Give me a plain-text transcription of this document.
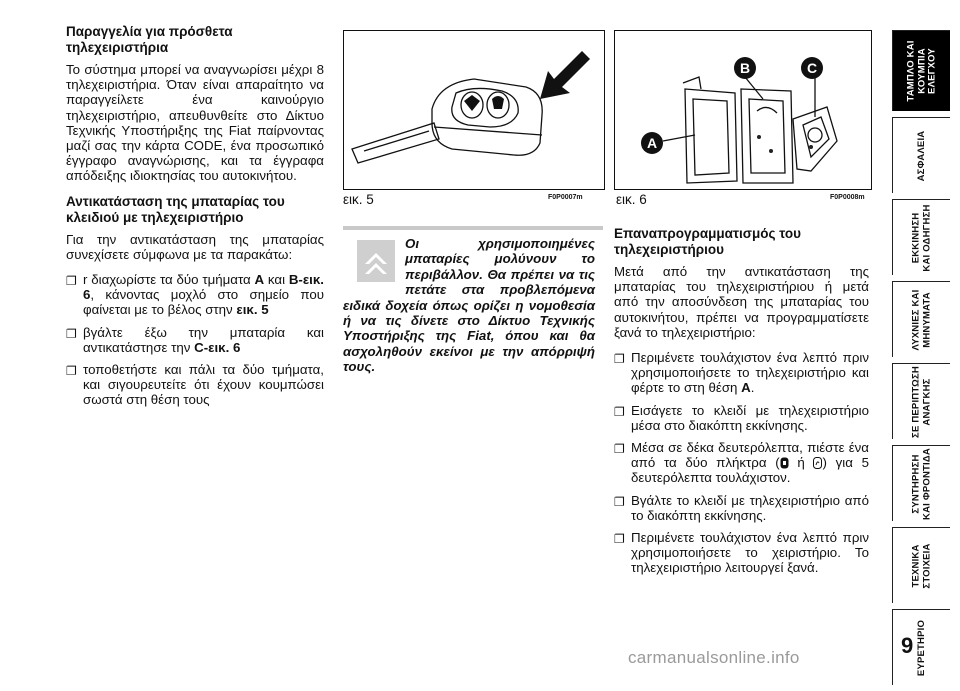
Παραγγελία για πρόσθετα τηλεχειριστήρια
Το σύστημα μπορεί να αναγνωρίσει μέχρι 8 τηλεχειριστήρια. Όταν είναι απαραίτητο να παραγγείλετε ένα καινούργιο τηλεχειριστήριο, απευθυνθείτε στο Δίκτυο Τεχνικής Υποστήριξης της Fiat παίρνοντας μαζί σας την κάρτα CODE, ένα προσωπικό έγγραφο αναγνώρισης, και τα έγγραφα απόδειξης ιδιοκτησίας του αυτοκινήτου.
Αντικατάσταση της μπαταρίας του κλειδιού με τηλεχειριστήριο
Για την αντικατάσταση της μπαταρίας συνεχίσετε σύμφωνα με τα παρακάτω:
❐ r διαχωρίστε τα δύο τμήματα A και B-εικ. 6, κάνοντας μοχλό στο σημείο που φαίνεται με το βέλος στην εικ. 5
❐ βγάλτε έξω την μπαταρία και αντικατάστησε την C-εικ. 6
❐ τοποθετήστε και πάλι τα δύο τμήματα, και σιγουρευτείτε ότι έχουν κουμπώσει σωστά στη θέση τους
εικ. 5	F0P0007m
A
B	C
εικ. 6	F0P0008m
Οι χρησιμοποιημένες μπαταρίες μολύνουν το περιβάλλον. Θα πρέπει να τις πετάτε στα προβλεπόμενα ειδικά δοχεία όπως ορίζει η νομοθεσία ή να τις δίνετε στο Δίκτυο Τεχνικής Υποστήριξης της Fiat, όπου και θα ασχοληθούν εκείνοι με την απόρριψή τους.
Επαναπρογραμματισμός του τηλεχειριστήριου
Μετά από την αντικατάσταση της μπαταρίας του τηλεχειριστήριου ή μετά από την αποσύνδεση της μπαταρίας του αυτοκινήτου, πρέπει να προγραμματίσετε ξανά το τηλεχειριστήριο:
❐ Περιμένετε τουλάχιστον ένα λεπτό πριν χρησιμοποιήσετε το τηλεχειριστήριο και φέρτε το στη θέση A.
❐ Εισάγετε το κλειδί με τηλεχειριστήριο μέσα στο διακόπτη εκκίνησης.
❐ Μέσα σε δέκα δευτερόλεπτα, πιέστε ένα από τα δύο πλήκτρα ( ή ) για 5 δευτερόλεπτα τουλάχιστον.
❐ Βγάλτε το κλειδί με τηλεχειριστήριο από το διακόπτη εκκίνησης.
❐ Περιμένετε τουλάχιστον ένα λεπτό πριν χρησιμοποιήσετε το χειριστήριο. Το τηλεχειριστήριο λειτουργεί ξανά.
ΤΑΜΠΛΟ ΚΑΙ
ΚΟΥΜΠΙΑ
ΕΛΕΓΧΟΥ
ΑΣΦΑΛΕΙΑ
ΕΚΚΙΝΗΣΗ
ΚΑΙ ΟΔΗΓΗΣΗ
ΛΥΧΝΙΕΣ ΚΑΙ
ΜΗΝΥΜΑΤΑ
ΣΕ ΠΕΡΙΠΤΩΣΗ
ΑΝΑΓΚΗΣ
ΣΥΝΤΗΡΗΣΗ
ΚΑΙ ΦΡΟΝΤΙΔΑ
ΤΕΧΝΙΚΑ
ΣΤΟΙΧΕΙΑ
ΕΥΡΕΤΗΡΙΟ
9
carmanualsonline.info
